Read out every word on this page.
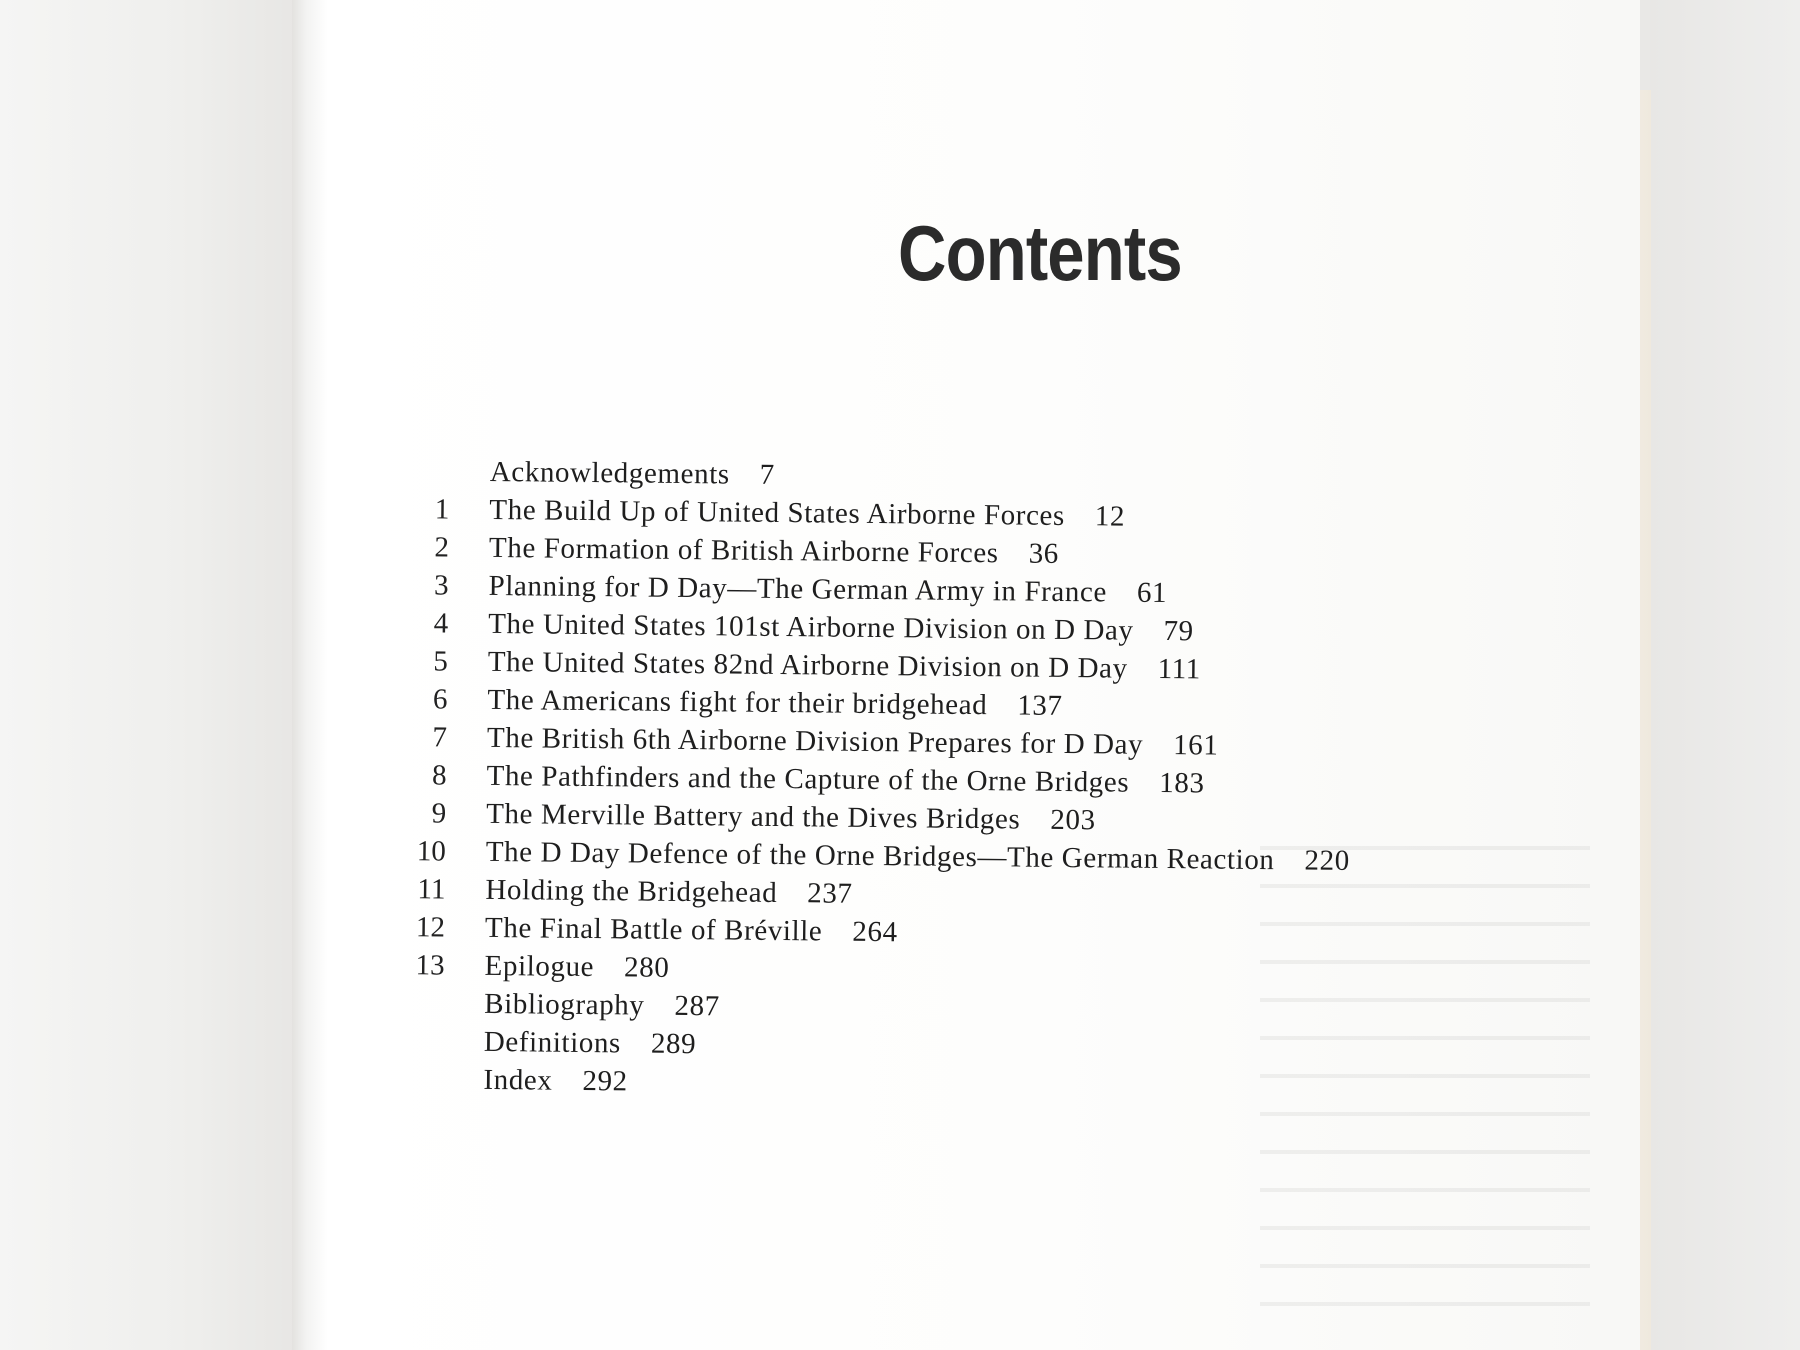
Contents
Acknowledgements 7
1 The Build Up of United States Airborne Forces 12
2 The Formation of British Airborne Forces 36
3 Planning for D Day—The German Army in France 61
4 The United States 101st Airborne Division on D Day 79
5 The United States 82nd Airborne Division on D Day 111
6 The Americans fight for their bridgehead 137
7 The British 6th Airborne Division Prepares for D Day 161
8 The Pathfinders and the Capture of the Orne Bridges 183
9 The Merville Battery and the Dives Bridges 203
10 The D Day Defence of the Orne Bridges—The German Reaction 220
11 Holding the Bridgehead 237
12 The Final Battle of Bréville 264
13 Epilogue 280
Bibliography 287
Definitions 289
Index 292
